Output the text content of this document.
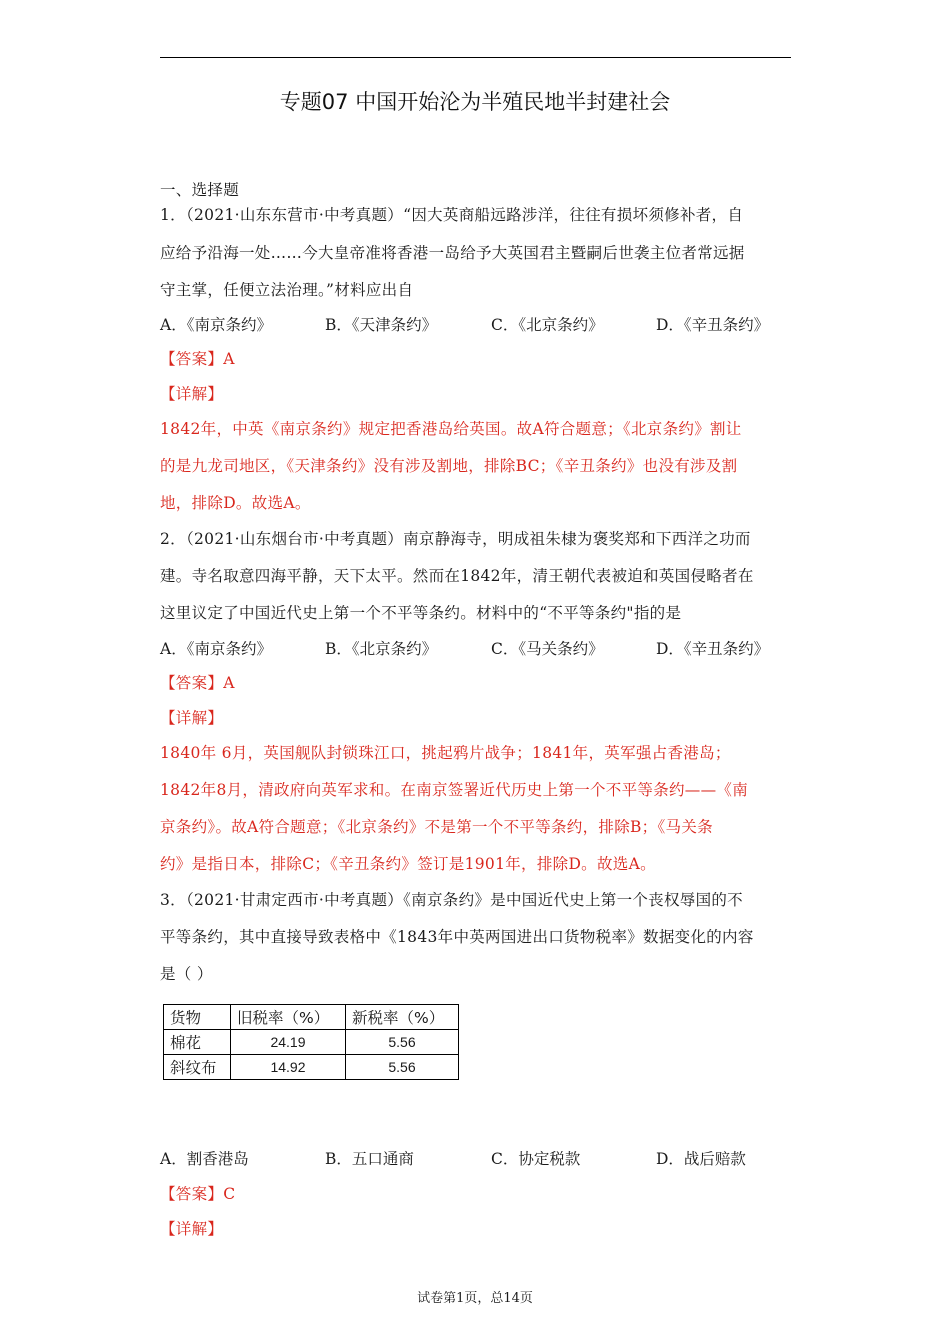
专题07 中国开始沦为半殖民地半封建社会
一、选择题
1．（2021·山东东营市·中考真题）“因大英商船远路涉洋，往往有损坏须修补者，自
应给予沿海一处……今大皇帝准将香港一岛给予大英国君主暨嗣后世袭主位者常远据
守主掌，任便立法治理。”材料应出自
A．《南京条约》	B．《天津条约》	C．《北京条约》	D．《辛丑条约》
【答案】A
【详解】
1842年，中英《南京条约》规定把香港岛给英国。故A符合题意；《北京条约》割让
的是九龙司地区，《天津条约》没有涉及割地，排除BC；《辛丑条约》也没有涉及割
地，排除D。故选A。
2．（2021·山东烟台市·中考真题）南京静海寺，明成祖朱棣为褒奖郑和下西洋之功而
建。寺名取意四海平静，天下太平。然而在1842年，清王朝代表被迫和英国侵略者在
这里议定了中国近代史上第一个不平等条约。材料中的“不平等条约"指的是
A．《南京条约》	B．《北京条约》	C．《马关条约》	D．《辛丑条约》
【答案】A
【详解】
1840年 6月，英国舰队封锁珠江口，挑起鸦片战争；1841年，英军强占香港岛；
1842年8月，清政府向英军求和。在南京签署近代历史上第一个不平等条约——《南
京条约》。故A符合题意；《北京条约》不是第一个不平等条约，排除B；《马关条
约》是指日本，排除C；《辛丑条约》签订是1901年，排除D。故选A。
3．（2021·甘肃定西市·中考真题）《南京条约》是中国近代史上第一个丧权辱国的不
平等条约，其中直接导致表格中《1843年中英两国进出口货物税率》数据变化的内容
是（ ）
货物	旧税率（%）	新税率（%）
棉花	24.19	5.56
斜纹布	14.92	5.56
A．割香港岛	B．五口通商	C．协定税款	D．战后赔款
【答案】C
【详解】
试卷第1页，总14页
